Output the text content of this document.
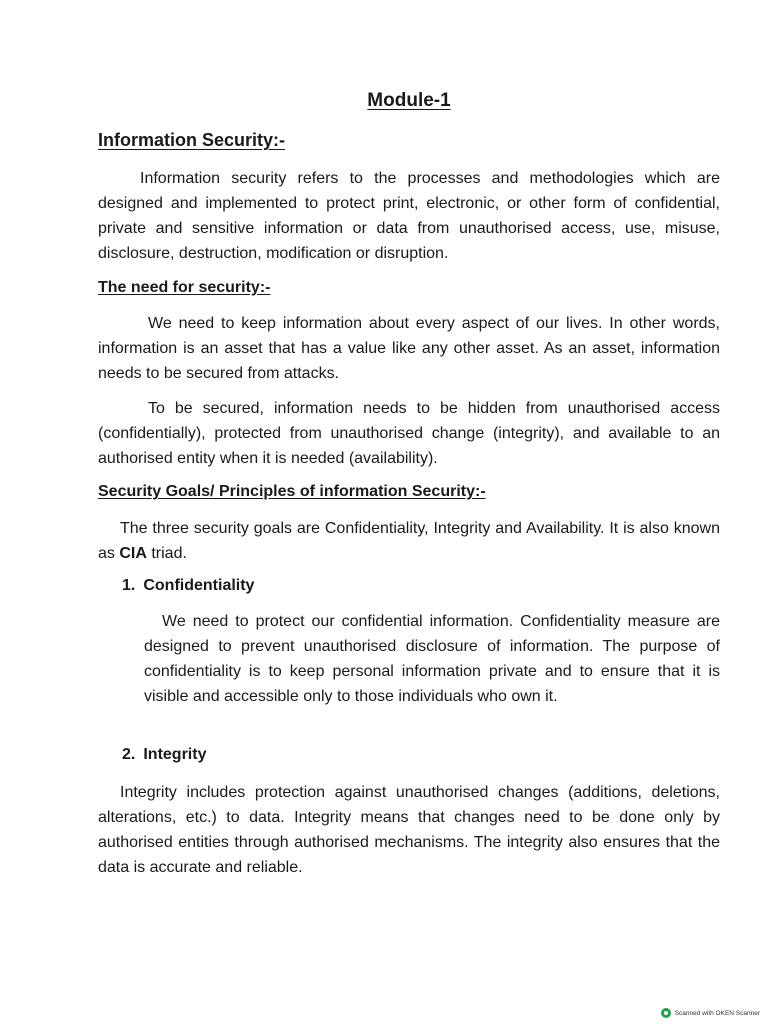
Module-1
Information Security:-

Information security refers to the processes and methodologies which are designed and implemented to protect print, electronic, or other form of confidential, private and sensitive information or data from unauthorised access, use, misuse, disclosure, destruction, modification or disruption.

The need for security:-

We need to keep information about every aspect of our lives. In other words, information is an asset that has a value like any other asset. As an asset, information needs to be secured from attacks.

To be secured, information needs to be hidden from unauthorised access (confidentially), protected from unauthorised change (integrity), and available to an authorised entity when it is needed (availability).

Security Goals/ Principles of information Security:-

The three security goals are Confidentiality, Integrity and Availability. It is also known as CIA triad.

1. Confidentiality

We need to protect our confidential information. Confidentiality measure are designed to prevent unauthorised disclosure of information. The purpose of confidentiality is to keep personal information private and to ensure that it is visible and accessible only to those individuals who own it.

2. Integrity

Integrity includes protection against unauthorised changes (additions, deletions, alterations, etc.) to data. Integrity means that changes need to be done only by authorised entities through authorised mechanisms. The integrity also ensures that the data is accurate and reliable.

Scanned with OKEN Scanner
